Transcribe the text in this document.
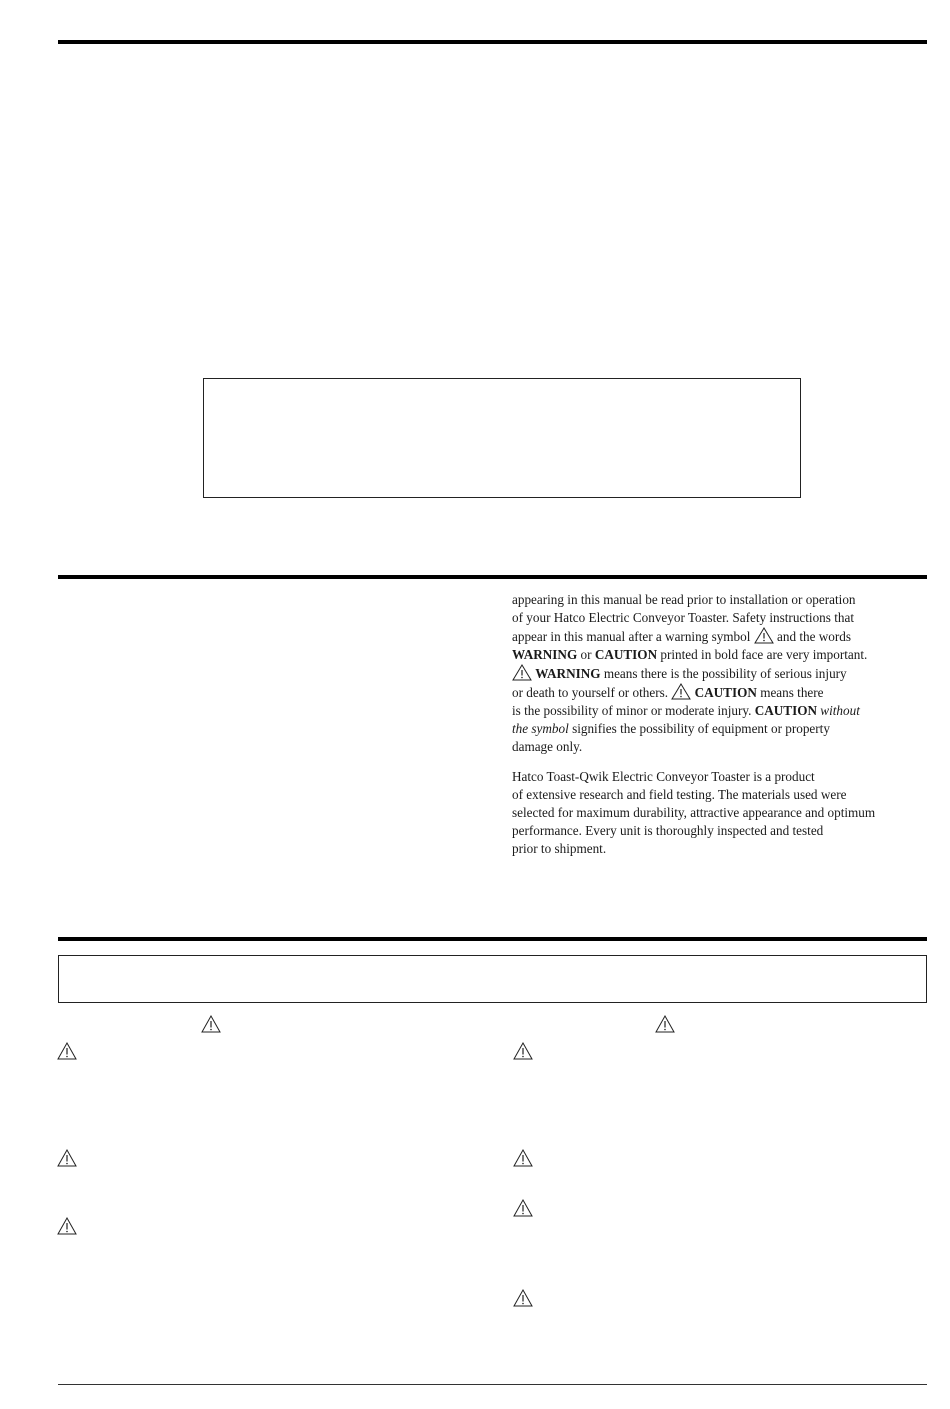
appearing in this manual be read prior to installation or operation
of your Hatco Electric Conveyor Toaster. Safety instructions that
appear in this manual after a warning symbol and the words
WARNING or CAUTION printed in bold face are very important.

WARNING means there is the possibility of serious injury
or death to yourself or others. CAUTION means there
is the possibility of minor or moderate injury. CAUTION without
the symbol signifies the possibility of equipment or property
damage only.

Hatco Toast-Qwik Electric Conveyor Toaster is a product
of extensive research and field testing. The materials used were
selected for maximum durability, attractive appearance and optimum
performance. Every unit is thoroughly inspected and tested
prior to shipment.
